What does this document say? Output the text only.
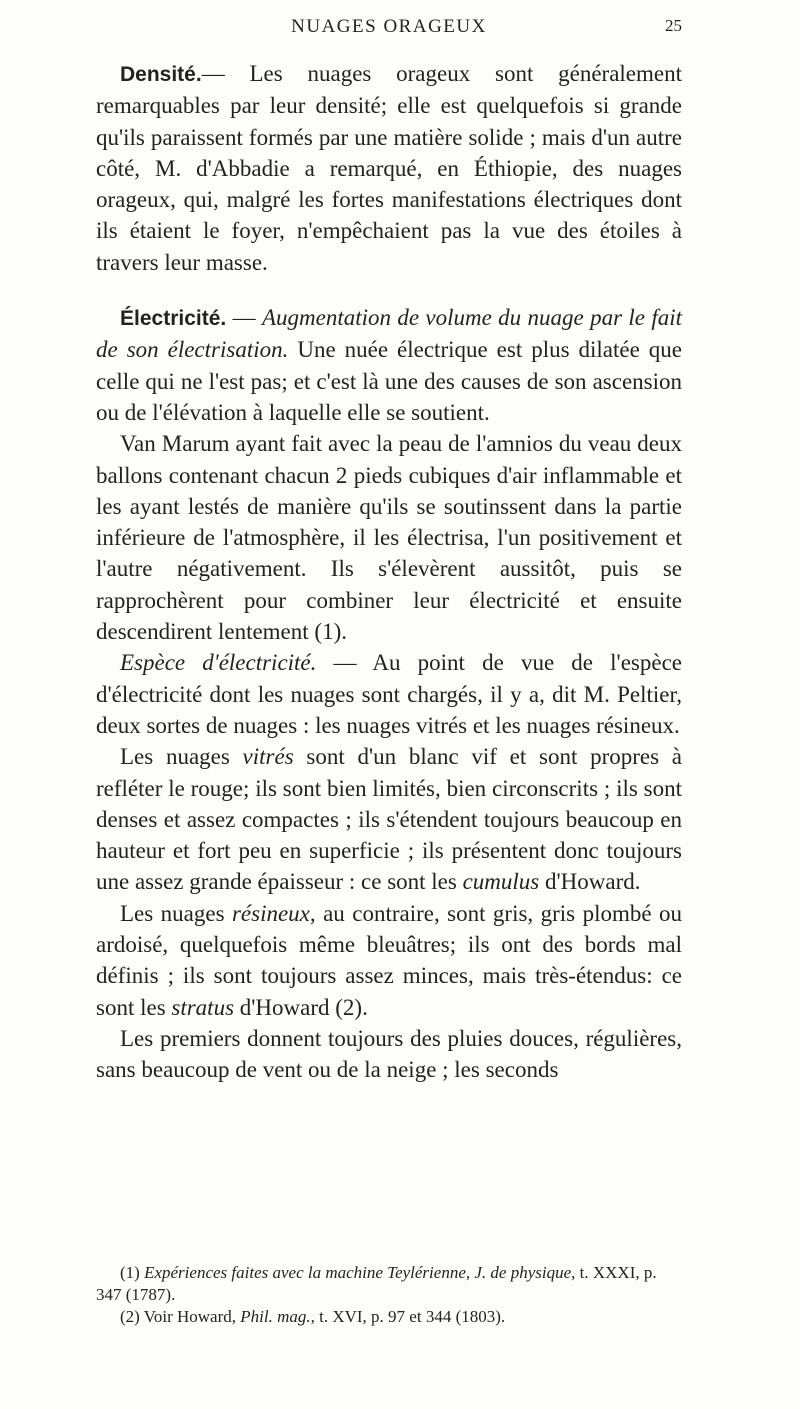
NUAGES ORAGEUX	25

Densité.— Les nuages orageux sont généralement remarquables par leur densité; elle est quelquefois si grande qu'ils paraissent formés par une matière solide ; mais d'un autre côté, M. d'Abbadie a remarqué, en Éthiopie, des nuages orageux, qui, malgré les fortes manifestations électriques dont ils étaient le foyer, n'empêchaient pas la vue des étoiles à travers leur masse.

Électricité. — Augmentation de volume du nuage par le fait de son électrisation. Une nuée électrique est plus dilatée que celle qui ne l'est pas; et c'est là une des causes de son ascension ou de l'élévation à laquelle elle se soutient.

Van Marum ayant fait avec la peau de l'amnios du veau deux ballons contenant chacun 2 pieds cubiques d'air inflammable et les ayant lestés de manière qu'ils se soutinssent dans la partie inférieure de l'atmosphère, il les électrisa, l'un positivement et l'autre négativement. Ils s'élevèrent aussitôt, puis se rapprochèrent pour combiner leur électricité et ensuite descendirent lentement (1).

Espèce d'électricité. — Au point de vue de l'espèce d'électricité dont les nuages sont chargés, il y a, dit M. Peltier, deux sortes de nuages : les nuages vitrés et les nuages résineux.

Les nuages vitrés sont d'un blanc vif et sont propres à refléter le rouge; ils sont bien limités, bien circonscrits ; ils sont denses et assez compactes ; ils s'étendent toujours beaucoup en hauteur et fort peu en superficie ; ils présentent donc toujours une assez grande épaisseur : ce sont les cumulus d'Howard.

Les nuages résineux, au contraire, sont gris, gris plombé ou ardoisé, quelquefois même bleuâtres; ils ont des bords mal définis ; ils sont toujours assez minces, mais très-étendus: ce sont les stratus d'Howard (2).

Les premiers donnent toujours des pluies douces, régulières, sans beaucoup de vent ou de la neige ; les seconds

(1) Expériences faites avec la machine Teylérienne, J. de physique, t. XXXI, p. 347 (1787).

(2) Voir Howard, Phil. mag., t. XVI, p. 97 et 344 (1803).
